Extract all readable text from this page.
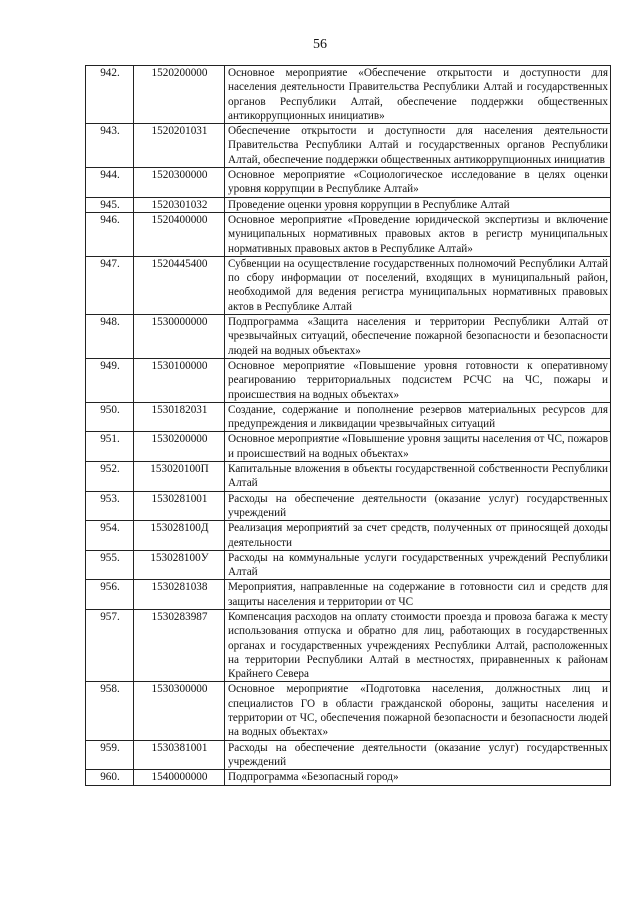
56
942.	1520200000	Основное мероприятие «Обеспечение открытости и доступности для населения деятельности Правительства Республики Алтай и государственных органов Республики Алтай, обеспечение поддержки общественных антикоррупционных инициатив»
943.	1520201031	Обеспечение открытости и доступности для населения деятельности Правительства Республики Алтай и государственных органов Республики Алтай, обеспечение поддержки общественных антикоррупционных инициатив
944.	1520300000	Основное мероприятие «Социологическое исследование в целях оценки уровня коррупции в Республике Алтай»
945.	1520301032	Проведение оценки уровня коррупции в Республике Алтай
946.	1520400000	Основное мероприятие «Проведение юридической экспертизы и включение муниципальных нормативных правовых актов в регистр муниципальных нормативных правовых актов в Республике Алтай»
947.	1520445400	Субвенции на осуществление государственных полномочий Республики Алтай по сбору информации от поселений, входящих в муниципальный район, необходимой для ведения регистра муниципальных нормативных правовых актов в Республике Алтай
948.	1530000000	Подпрограмма «Защита населения и территории Республики Алтай от чрезвычайных ситуаций, обеспечение пожарной безопасности и безопасности людей на водных объектах»
949.	1530100000	Основное мероприятие «Повышение уровня готовности к оперативному реагированию территориальных подсистем РСЧС на ЧС, пожары и происшествия на водных объектах»
950.	1530182031	Создание, содержание и пополнение резервов материальных ресурсов для предупреждения и ликвидации чрезвычайных ситуаций
951.	1530200000	Основное мероприятие «Повышение уровня защиты населения от ЧС, пожаров и происшествий на водных объектах»
952.	153020100П	Капитальные вложения в объекты государственной собственности Республики Алтай
953.	1530281001	Расходы на обеспечение деятельности (оказание услуг) государственных учреждений
954.	153028100Д	Реализация мероприятий за счет средств, полученных от приносящей доходы деятельности
955.	153028100У	Расходы на коммунальные услуги государственных учреждений Республики Алтай
956.	1530281038	Мероприятия, направленные на содержание в готовности сил и средств для защиты населения и территории от ЧС
957.	1530283987	Компенсация расходов на оплату стоимости проезда и провоза багажа к месту использования отпуска и обратно для лиц, работающих в государственных органах и государственных учреждениях Республики Алтай, расположенных на территории Республики Алтай в местностях, приравненных к районам Крайнего Севера
958.	1530300000	Основное мероприятие «Подготовка населения, должностных лиц и специалистов ГО в области гражданской обороны, защиты населения и территории от ЧС, обеспечения пожарной безопасности и безопасности людей на водных объектах»
959.	1530381001	Расходы на обеспечение деятельности (оказание услуг) государственных учреждений
960.	1540000000	Подпрограмма «Безопасный город»
